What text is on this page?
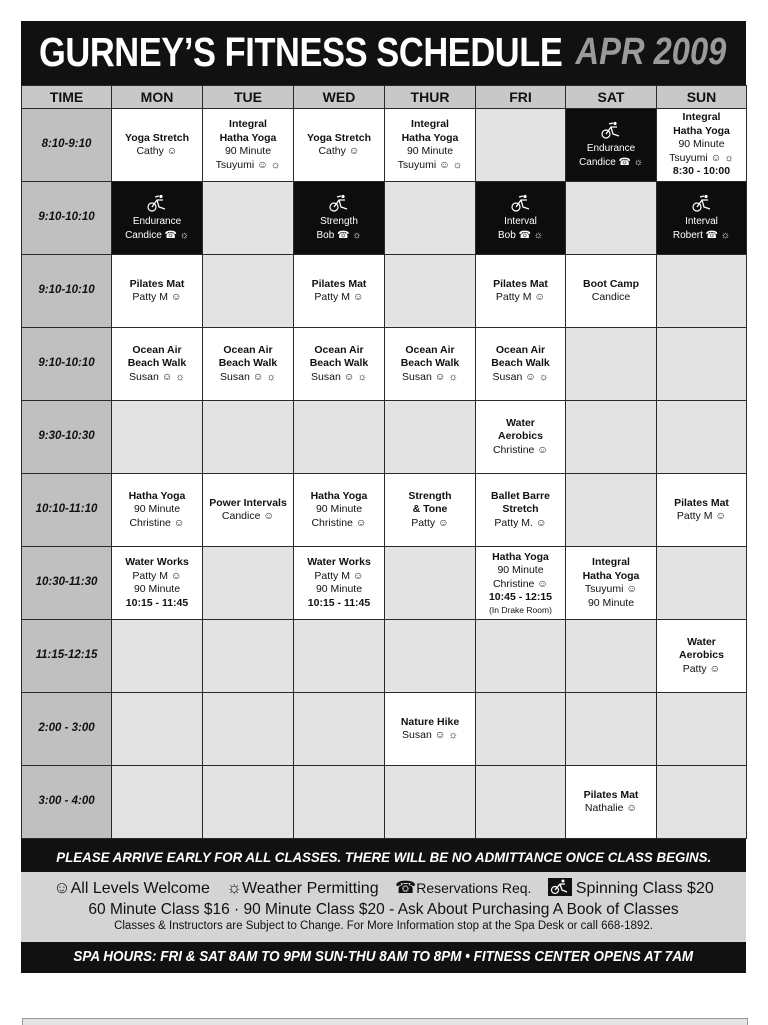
GURNEY’S FITNESS SCHEDULE APR 2009
TIME	MON	TUE	WED	THUR	FRI	SAT	SUN
8:10-9:10	Yoga Stretch
Cathy ☺	Integral
Hatha Yoga
90 Minute
Tsuyumi ☺ ☼	Yoga Stretch
Cathy ☺	Integral
Hatha Yoga
90 Minute
Tsuyumi ☺ ☼		Endurance
Candice ☎ ☼	Integral
Hatha Yoga
90 Minute
Tsuyumi ☺ ☼
8:30 - 10:00

9:10-10:10	Endurance
Candice ☎ ☼		Strength
Bob ☎ ☼		Interval
Bob ☎ ☼		Interval
Robert ☎ ☼

9:10-10:10	Pilates Mat
Patty M ☺		Pilates Mat
Patty M ☺		Pilates Mat
Patty M ☺	Boot Camp
Candice	

9:10-10:10	Ocean Air
Beach Walk
Susan ☺ ☼	Ocean Air
Beach Walk
Susan ☺ ☼	Ocean Air
Beach Walk
Susan ☺ ☼	Ocean Air
Beach Walk
Susan ☺ ☼	Ocean Air
Beach Walk
Susan ☺ ☼		

9:30-10:30					Water
Aerobics
Christine ☺		

10:10-11:10	Hatha Yoga
90 Minute
Christine ☺	Power Intervals
Candice ☺	Hatha Yoga
90 Minute
Christine ☺	Strength
& Tone
Patty ☺	Ballet Barre
Stretch
Patty M. ☺		Pilates Mat
Patty M ☺

10:30-11:30	Water Works
Patty M ☺
90 Minute
10:15 - 11:45		Water Works
Patty M ☺
90 Minute
10:15 - 11:45		Hatha Yoga
90 Minute
Christine ☺
10:45 - 12:15
(In Drake Room)	Integral
Hatha Yoga
Tsuyumi ☺
90 Minute	

11:15-12:15							Water
Aerobics
Patty ☺

2:00 - 3:00				Nature Hike
Susan ☺ ☼			

3:00 - 4:00						Pilates Mat
Nathalie ☺	

PLEASE ARRIVE EARLY FOR ALL CLASSES. THERE WILL BE NO ADMITTANCE ONCE CLASS BEGINS.
☺All Levels Welcome ☼Weather Permitting ☎Reservations Req.	Spinning Class $20
60 Minute Class $16 · 90 Minute Class $20 - Ask About Purchasing A Book of Classes
Classes & Instructors are Subject to Change. For More Information stop at the Spa Desk or call 668-1892.
SPA HOURS: FRI & SAT 8AM TO 9PM SUN-THU 8AM TO 8PM • FITNESS CENTER OPENS AT 7AM
